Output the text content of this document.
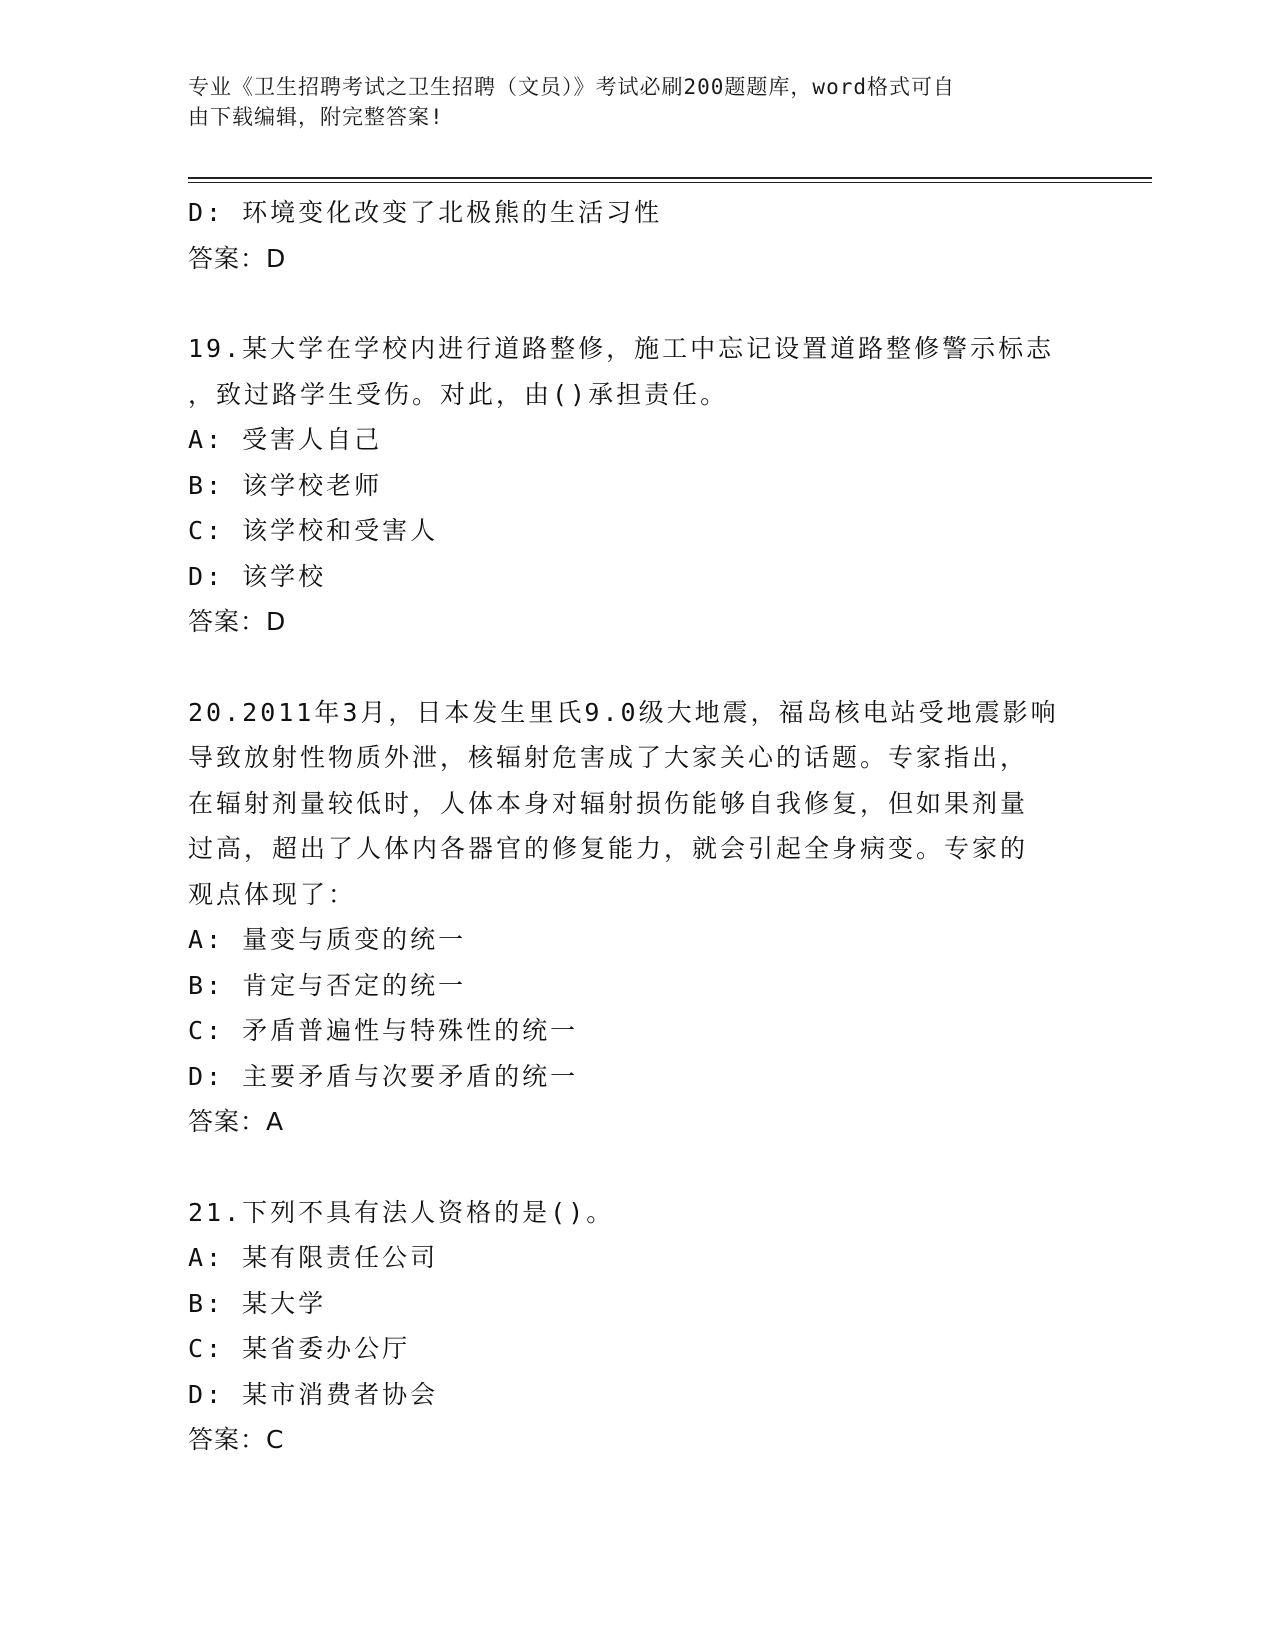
专业《卫生招聘考试之卫生招聘（文员）》考试必刷200题题库，word格式可自
由下载编辑，附完整答案!
D: 环境变化改变了北极熊的生活习性
答案：D
19.某大学在学校内进行道路整修，施工中忘记设置道路整修警示标志
，致过路学生受伤。对此，由()承担责任。
A: 受害人自己
B: 该学校老师
C: 该学校和受害人
D: 该学校
答案：D
20.2011年3月，日本发生里氏9.0级大地震，福岛核电站受地震影响
导致放射性物质外泄，核辐射危害成了大家关心的话题。专家指出，
在辐射剂量较低时，人体本身对辐射损伤能够自我修复，但如果剂量
过高，超出了人体内各器官的修复能力，就会引起全身病变。专家的
观点体现了：
A: 量变与质变的统一
B: 肯定与否定的统一
C: 矛盾普遍性与特殊性的统一
D: 主要矛盾与次要矛盾的统一
答案：A
21.下列不具有法人资格的是()。
A: 某有限责任公司
B: 某大学
C: 某省委办公厅
D: 某市消费者协会
答案：C
